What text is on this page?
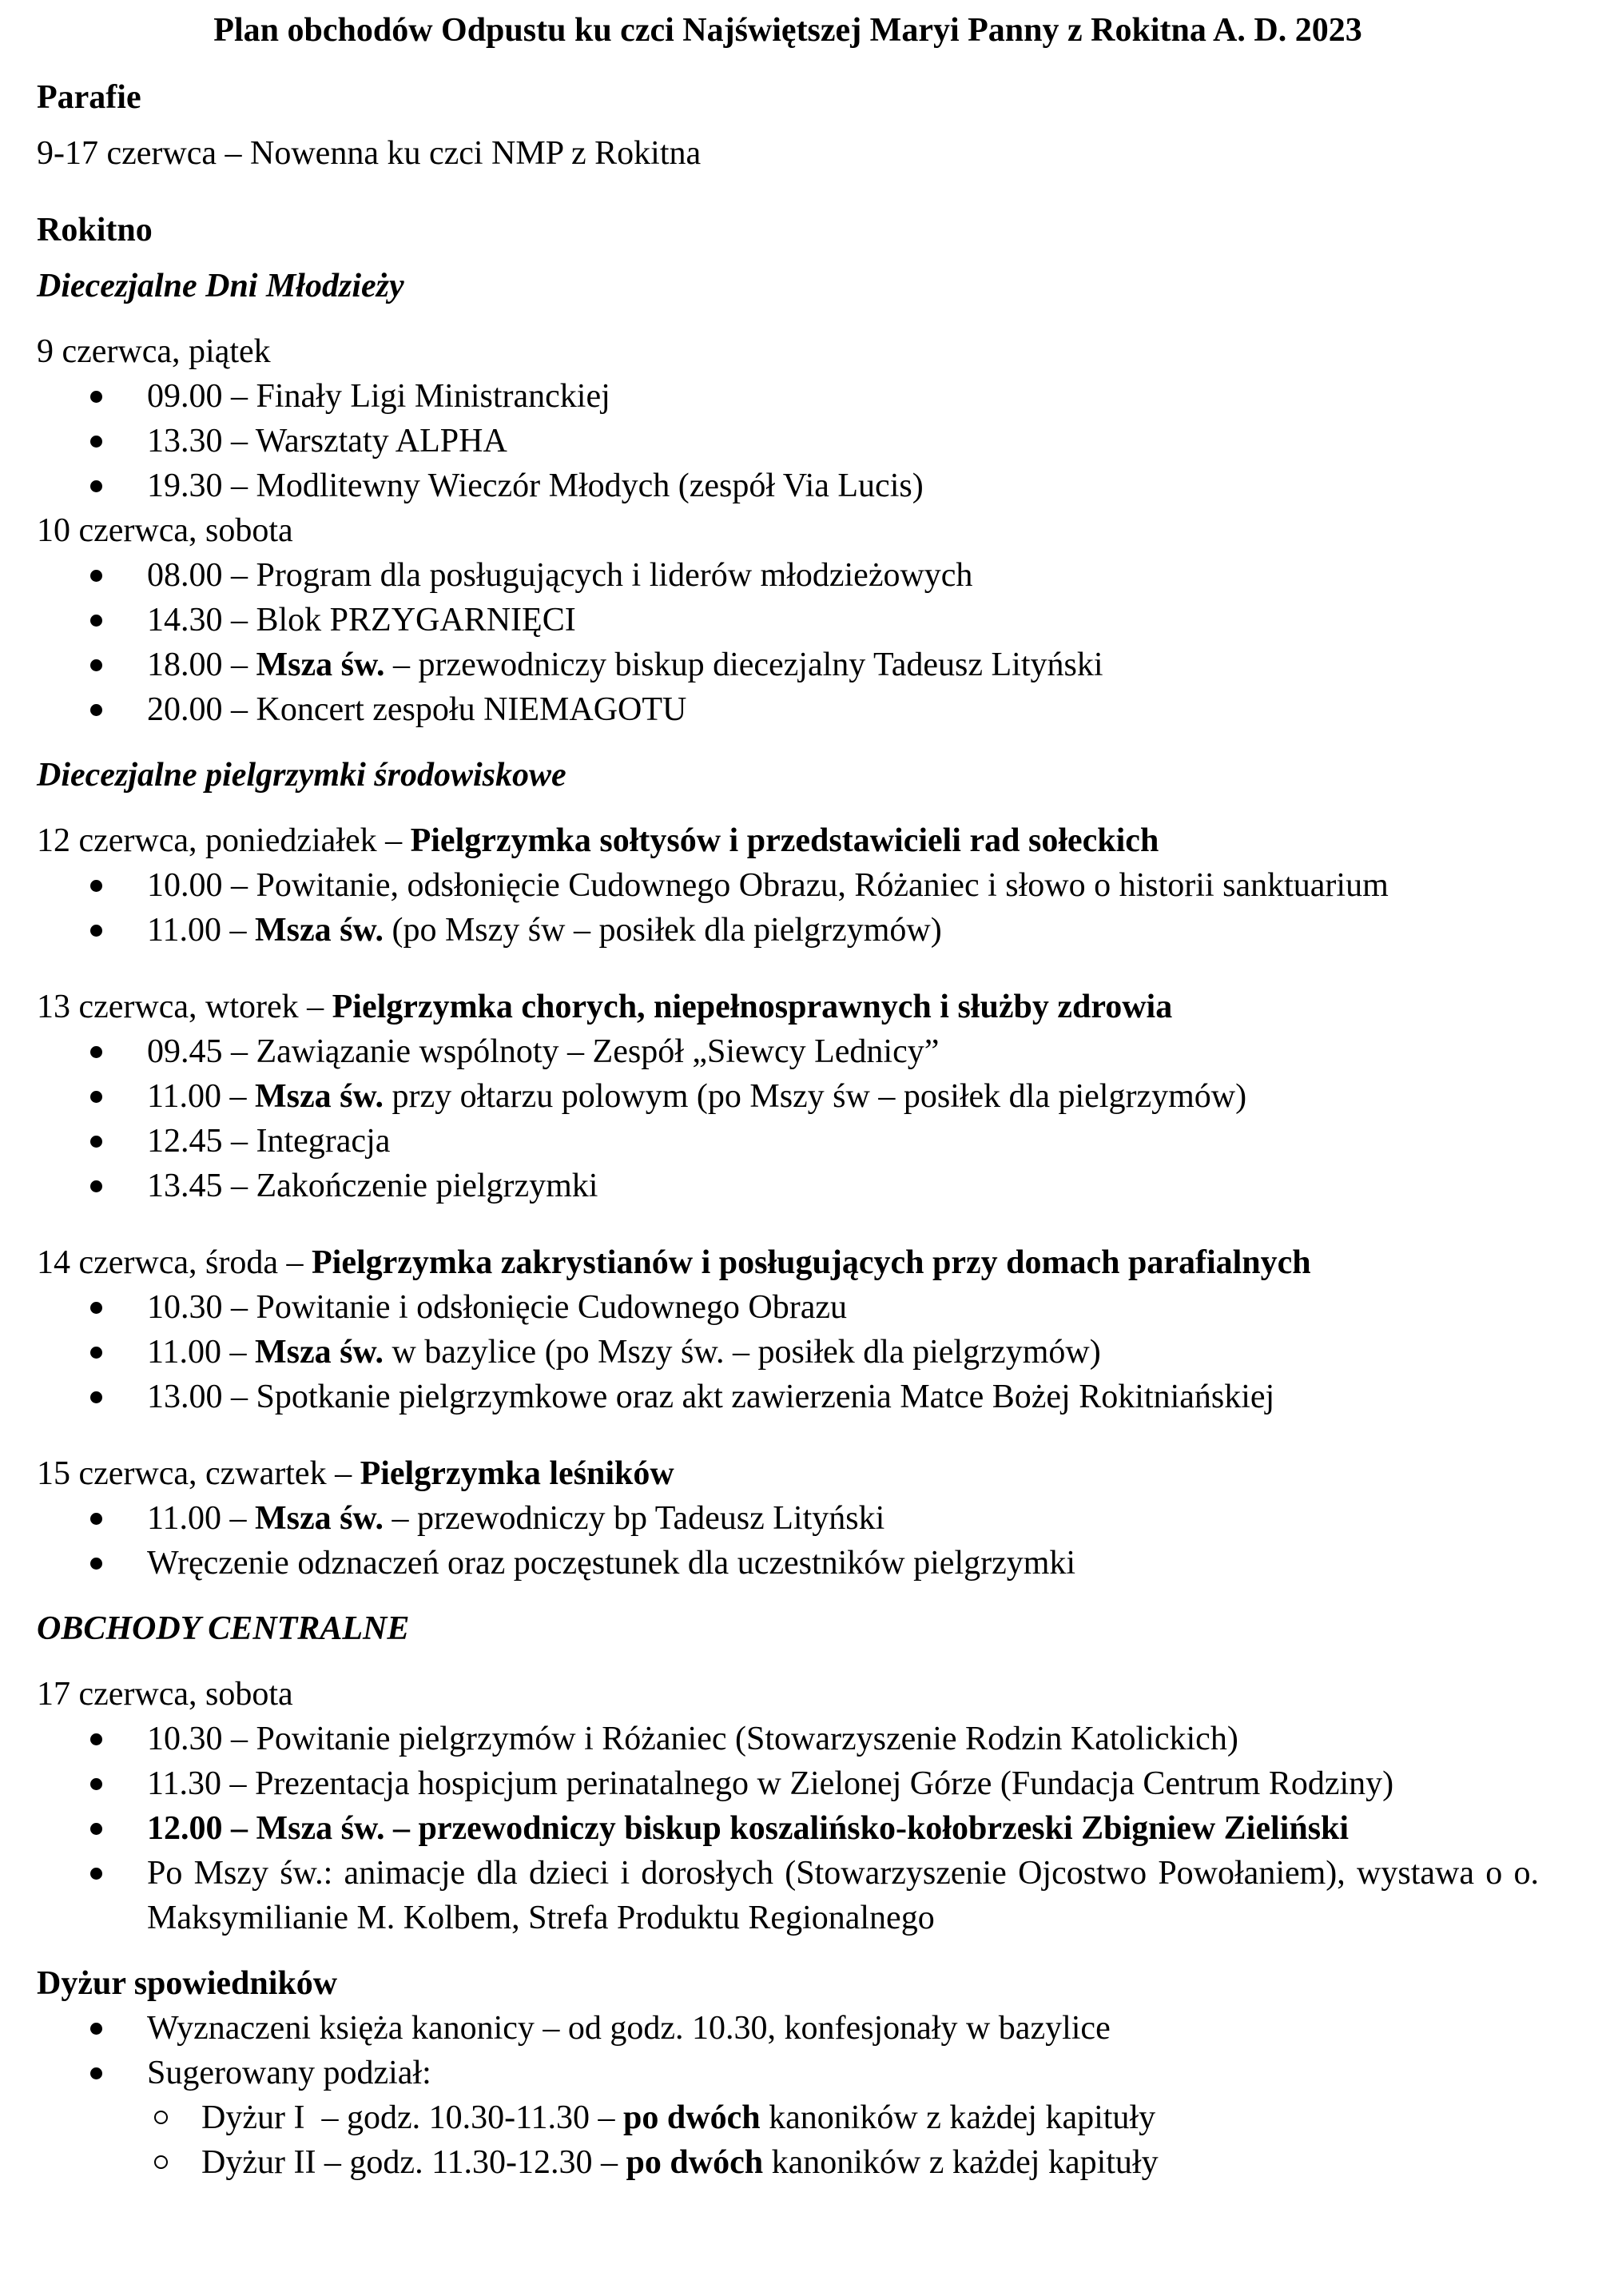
Plan obchodów Odpustu ku czci Najświętszej Maryi Panny z Rokitna A. D. 2023
Parafie
9-17 czerwca – Nowenna ku czci NMP z Rokitna
Rokitno
Diecezjalne Dni Młodzieży
9 czerwca, piątek
09.00 – Finały Ligi Ministranckiej
13.30 – Warsztaty ALPHA
19.30 – Modlitewny Wieczór Młodych (zespół Via Lucis)
10 czerwca, sobota
08.00 – Program dla posługujących i liderów młodzieżowych
14.30 – Blok PRZYGARNIĘCI
18.00 – Msza św. – przewodniczy biskup diecezjalny Tadeusz Lityński
20.00 – Koncert zespołu NIEMAGOTU
Diecezjalne pielgrzymki środowiskowe
12 czerwca, poniedziałek – Pielgrzymka sołtysów i przedstawicieli rad sołeckich
10.00 – Powitanie, odsłonięcie Cudownego Obrazu, Różaniec i słowo o historii sanktuarium
11.00 – Msza św. (po Mszy św – posiłek dla pielgrzymów)
13 czerwca, wtorek – Pielgrzymka chorych, niepełnosprawnych i służby zdrowia
09.45 – Zawiązanie wspólnoty – Zespół „Siewcy Lednicy”
11.00 – Msza św. przy ołtarzu polowym (po Mszy św – posiłek dla pielgrzymów)
12.45 – Integracja
13.45 – Zakończenie pielgrzymki
14 czerwca, środa – Pielgrzymka zakrystianów i posługujących przy domach parafialnych
10.30 – Powitanie i odsłonięcie Cudownego Obrazu
11.00 – Msza św. w bazylice (po Mszy św. – posiłek dla pielgrzymów)
13.00 – Spotkanie pielgrzymkowe oraz akt zawierzenia Matce Bożej Rokitniańskiej
15 czerwca, czwartek – Pielgrzymka leśników
11.00 – Msza św. – przewodniczy bp Tadeusz Lityński
Wręczenie odznaczeń oraz poczęstunek dla uczestników pielgrzymki
OBCHODY CENTRALNE
17 czerwca, sobota
10.30 – Powitanie pielgrzymów i Różaniec (Stowarzyszenie Rodzin Katolickich)
11.30 – Prezentacja hospicjum perinatalnego w Zielonej Górze (Fundacja Centrum Rodziny)
12.00 – Msza św. – przewodniczy biskup koszalińsko-kołobrzeski Zbigniew Zieliński
Po Mszy św.: animacje dla dzieci i dorosłych (Stowarzyszenie Ojcostwo Powołaniem), wystawa o o. Maksymilianie M. Kolbem, Strefa Produktu Regionalnego
Dyżur spowiedników
Wyznaczeni księża kanonicy – od godz. 10.30, konfesjonały w bazylice
Sugerowany podział:
Dyżur I  – godz. 10.30-11.30 – po dwóch kanoników z każdej kapituły
Dyżur II – godz. 11.30-12.30 – po dwóch kanoników z każdej kapituły
